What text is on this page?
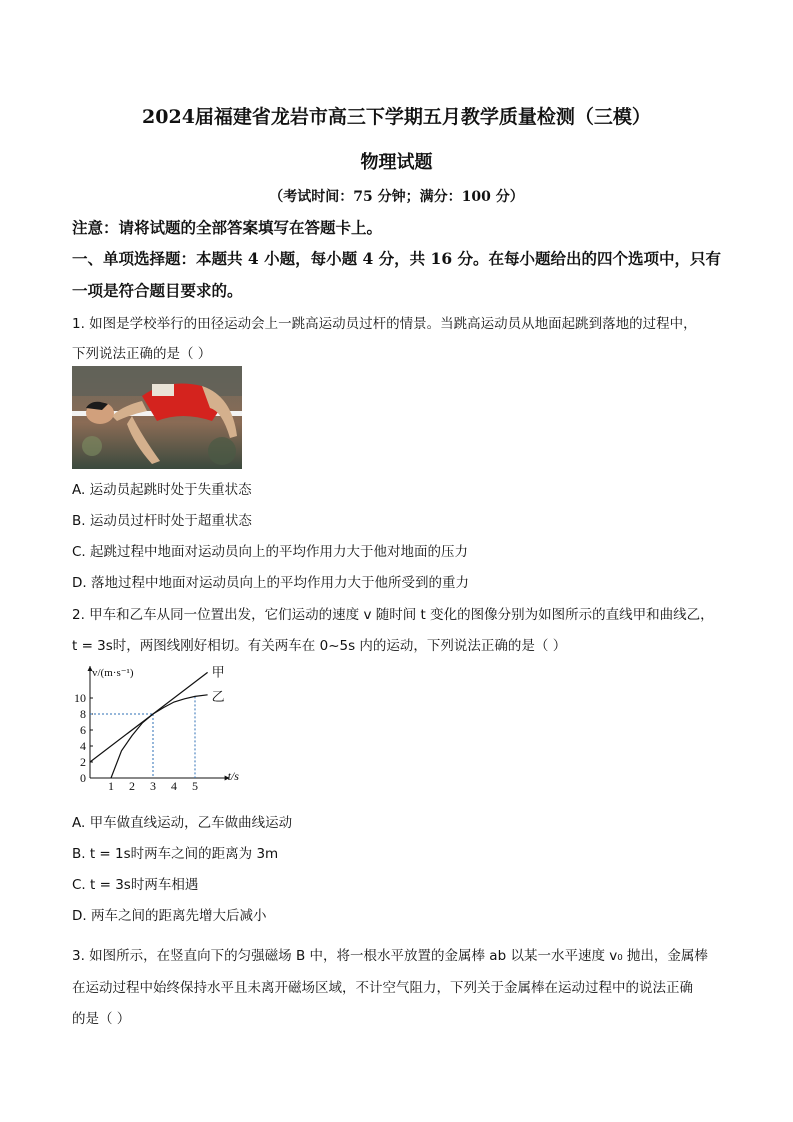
2024届福建省龙岩市高三下学期五月教学质量检测（三模）
物理试题
（考试时间：75 分钟；满分：100 分）
注意：请将试题的全部答案填写在答题卡上。
一、单项选择题：本题共 4 小题，每小题 4 分，共 16 分。在每小题给出的四个选项中，只有
一项是符合题目要求的。
1. 如图是学校举行的田径运动会上一跳高运动员过杆的情景。当跳高运动员从地面起跳到落地的过程中，
下列说法正确的是（ ）
A. 运动员起跳时处于失重状态
B. 运动员过杆时处于超重状态
C. 起跳过程中地面对运动员向上的平均作用力大于他对地面的压力
D. 落地过程中地面对运动员向上的平均作用力大于他所受到的重力
2. 甲车和乙车从同一位置出发，它们运动的速度 v 随时间 t 变化的图像分别为如图所示的直线甲和曲线乙，
t = 3s时，两图线刚好相切。有关两车在 0~5s 内的运动，下列说法正确的是（ ）
1 2 3 4 5
0
2
4
6
8
10
t/s
v/(m·s⁻¹)	甲
乙
A. 甲车做直线运动，乙车做曲线运动
B. t = 1s时两车之间的距离为 3m
C. t = 3s时两车相遇
D. 两车之间的距离先增大后减小
3. 如图所示，在竖直向下的匀强磁场 B 中，将一根水平放置的金属棒 ab 以某一水平速度 v₀ 抛出，金属棒
在运动过程中始终保持水平且未离开磁场区域，不计空气阻力，下列关于金属棒在运动过程中的说法正确
的是（ ）
